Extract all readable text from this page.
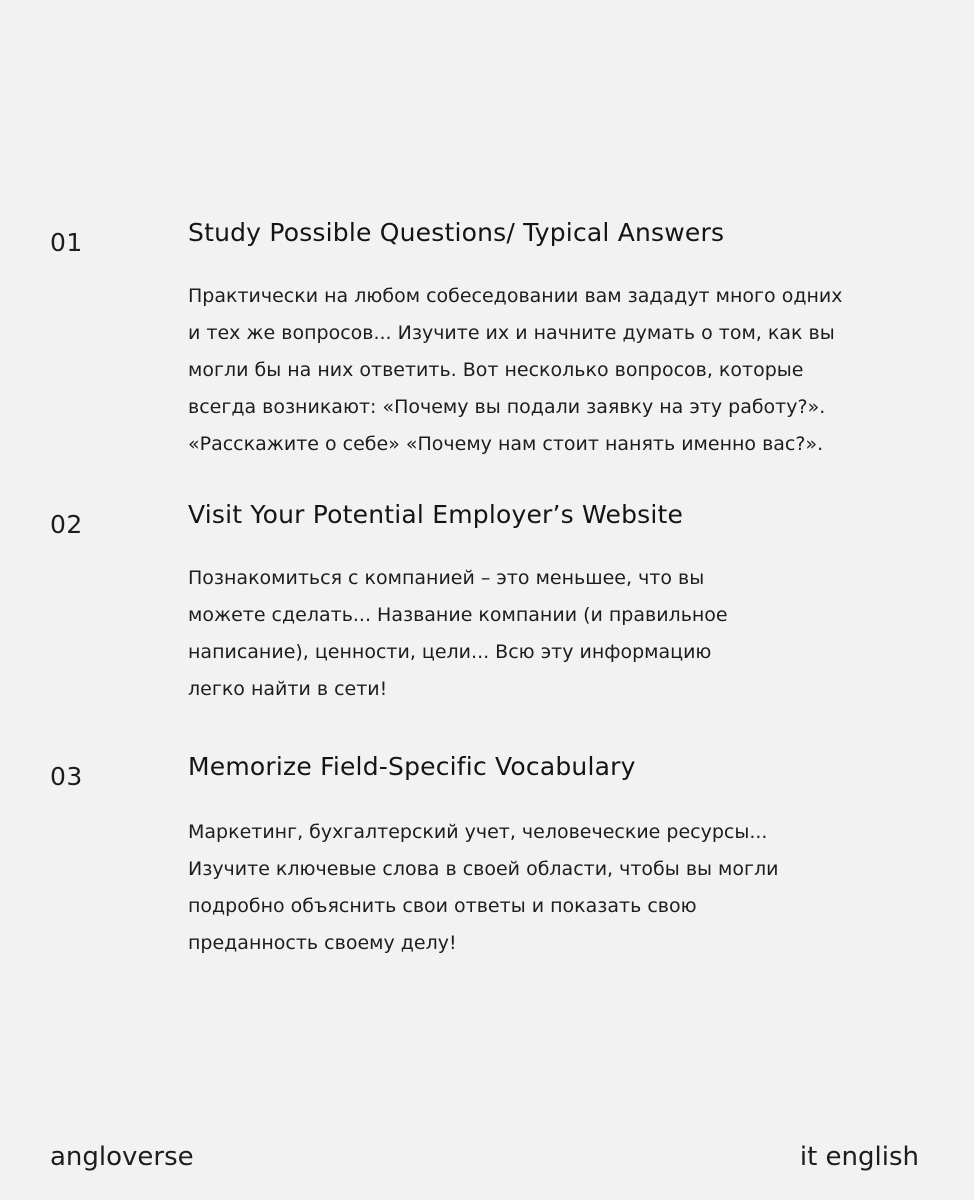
01	Study Possible Questions/ Typical Answers

Практически на любом собеседовании вам зададут много одних
и тех же вопросов... Изучите их и начните думать о том, как вы
могли бы на них ответить. Вот несколько вопросов, которые
всегда возникают: «Почему вы подали заявку на эту работу?».
«Расскажите о себе» «Почему нам стоит нанять именно вас?».

02	Visit Your Potential Employer’s Website

Познакомиться с компанией – это меньшее, что вы
можете сделать... Название компании (и правильное
написание), ценности, цели... Всю эту информацию
легко найти в сети!

03	Memorize Field-Specific Vocabulary

Маркетинг, бухгалтерский учет, человеческие ресурсы...
Изучите ключевые слова в своей области, чтобы вы могли
подробно объяснить свои ответы и показать свою
преданность своему делу!

angloverse	it english
